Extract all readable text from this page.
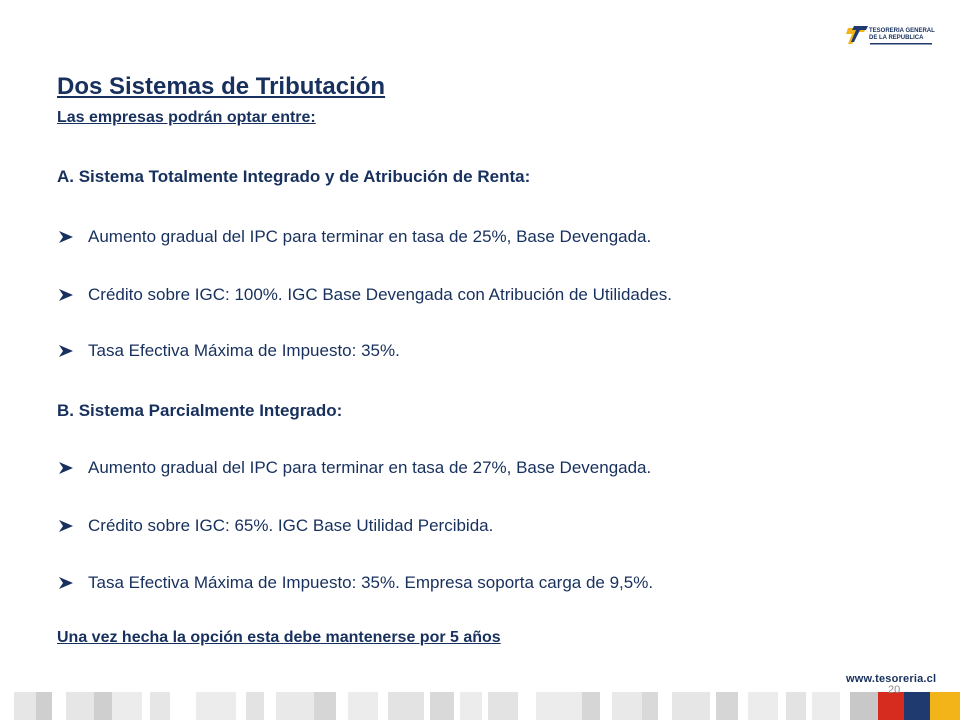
TESORERIA GENERAL
DE LA REPUBLICA
Dos Sistemas de Tributación
Las empresas podrán optar entre:
A. Sistema Totalmente Integrado y de Atribución de Renta:
Aumento gradual del IPC para terminar en tasa de 25%, Base Devengada.
Crédito sobre IGC: 100%. IGC Base Devengada con Atribución de Utilidades.
Tasa Efectiva Máxima de Impuesto: 35%.
B. Sistema Parcialmente Integrado:
Aumento gradual del IPC para terminar en tasa de 27%, Base Devengada.
Crédito sobre IGC: 65%. IGC Base Utilidad Percibida.
Tasa Efectiva Máxima de Impuesto: 35%. Empresa soporta carga de 9,5%.
Una vez hecha la opción esta debe mantenerse por 5 años
www.tesoreria.cl
20
